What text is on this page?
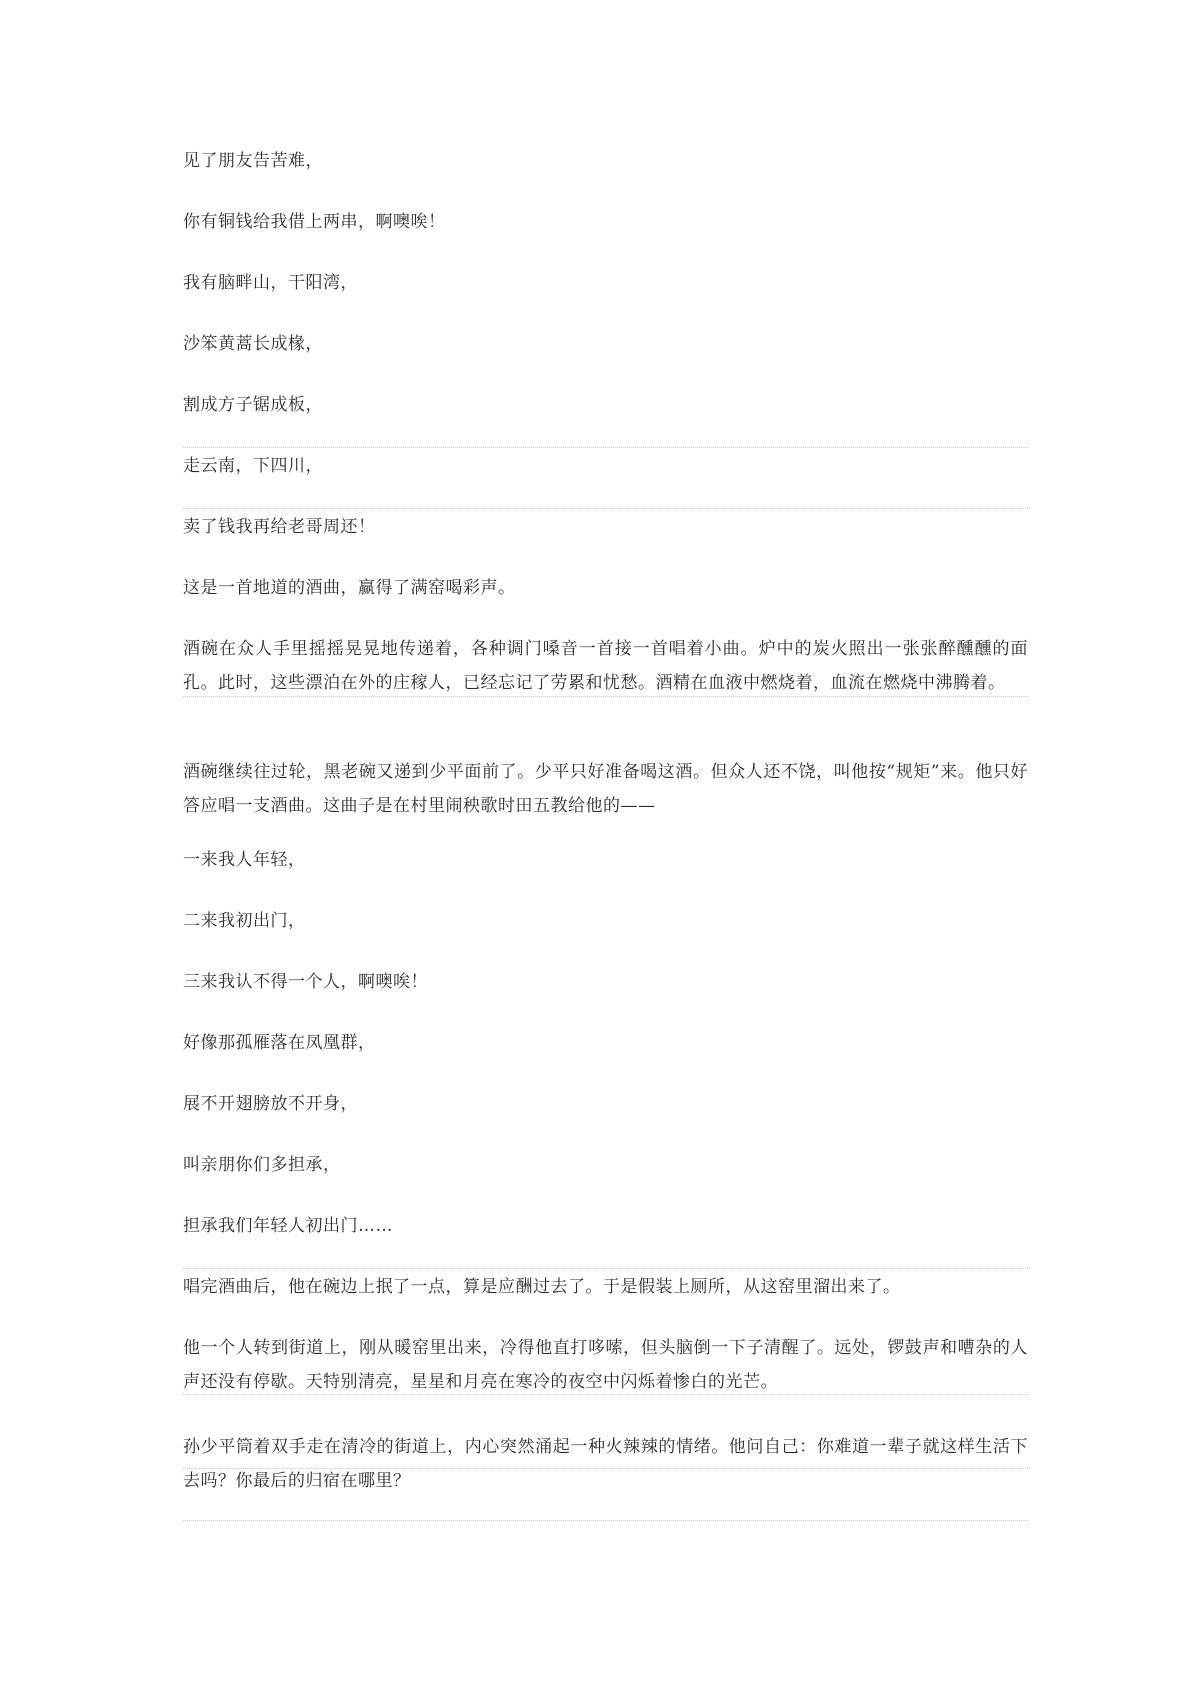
见了朋友告苦难，
你有铜钱给我借上两串，啊噢唉！
我有脑畔山，干阳湾，
沙笨黄蒿长成椽，
割成方子锯成板，
走云南，下四川，
卖了钱我再给老哥周还！
这是一首地道的酒曲，赢得了满窑喝彩声。
酒碗在众人手里摇摇晃晃地传递着，各种调门嗓音一首接一首唱着小曲。炉中的炭火照出一张张醉醺醺的面孔。此时，这些漂泊在外的庄稼人，已经忘记了劳累和忧愁。酒精在血液中燃烧着，血流在燃烧中沸腾着。
酒碗继续往过轮，黑老碗又递到少平面前了。少平只好准备喝这酒。但众人还不饶，叫他按“规矩”来。他只好答应唱一支酒曲。这曲子是在村里闹秧歌时田五教给他的——
一来我人年轻，
二来我初出门，
三来我认不得一个人，啊噢唉！
好像那孤雁落在凤凰群，
展不开翅膀放不开身，
叫亲朋你们多担承，
担承我们年轻人初出门……
唱完酒曲后，他在碗边上抿了一点，算是应酬过去了。于是假装上厕所，从这窑里溜出来了。
他一个人转到街道上，刚从暖窑里出来，冷得他直打哆嗦，但头脑倒一下子清醒了。远处，锣鼓声和嘈杂的人声还没有停歇。天特别清亮，星星和月亮在寒冷的夜空中闪烁着惨白的光芒。
孙少平筒着双手走在清冷的街道上，内心突然涌起一种火辣辣的情绪。他问自己：你难道一辈子就这样生活下去吗？你最后的归宿在哪里？
